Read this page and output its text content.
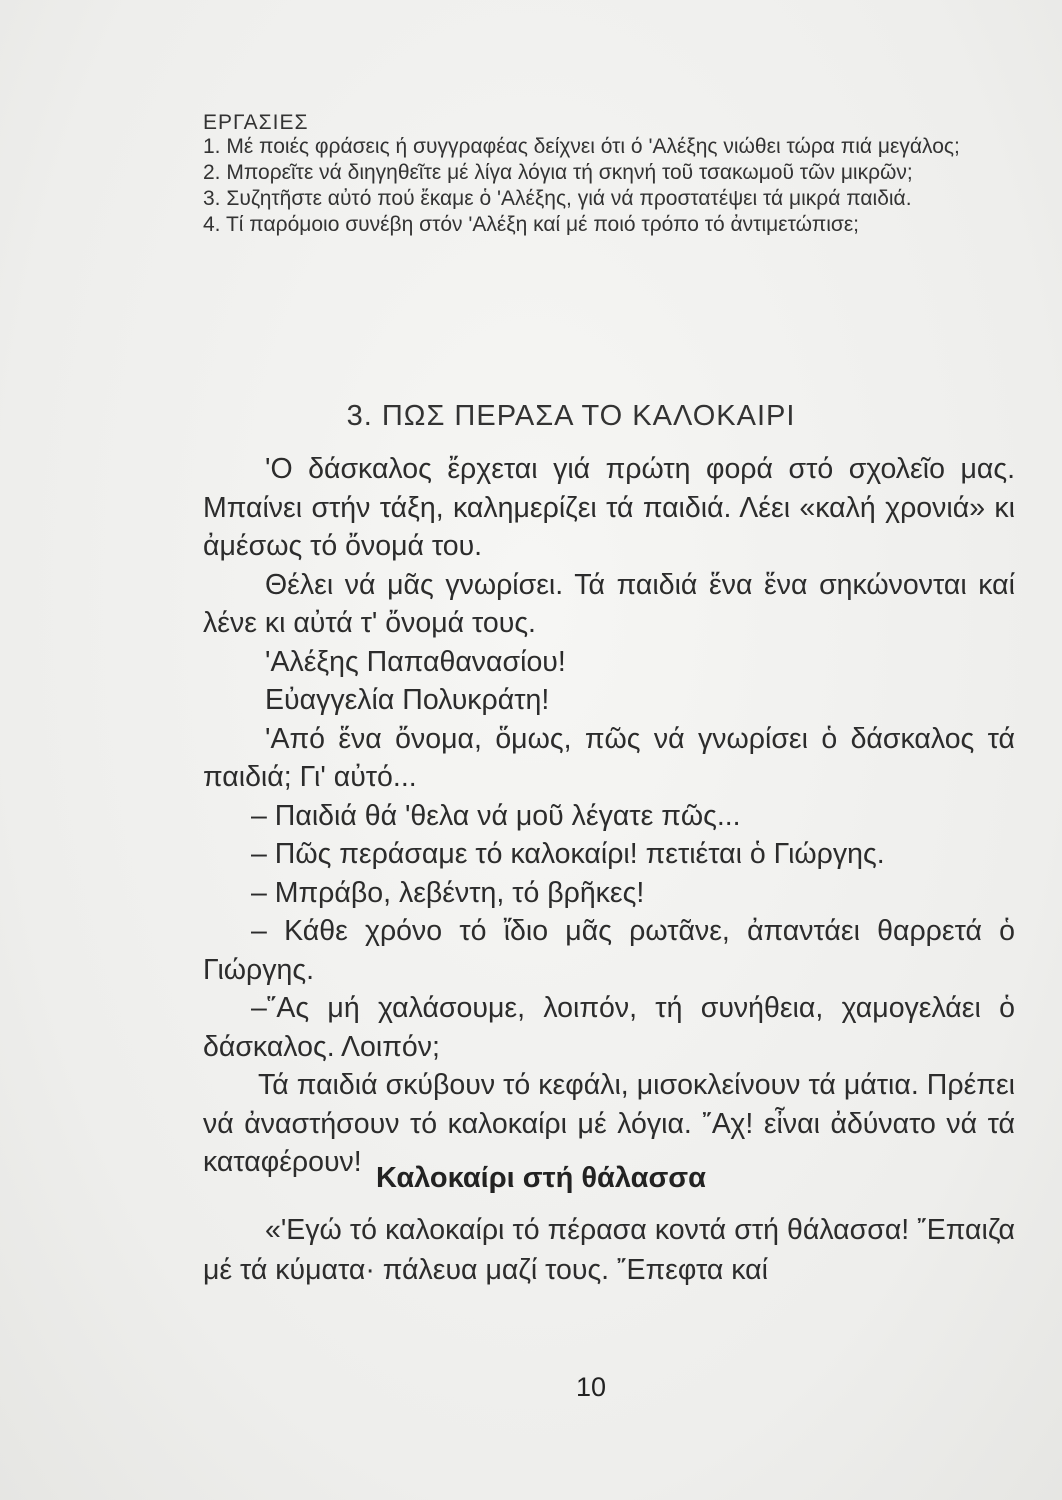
ΕΡΓΑΣΙΕΣ

1. Μέ ποιές φράσεις ή συγγραφέας δείχνει ότι ό 'Αλέξης νιώθει τώρα πιά μεγάλος;

2. Μπορεῖτε νά διηγηθεῖτε μέ λίγα λόγια τή σκηνή τοῦ τσακωμοῦ τῶν μικρῶν;

3. Συζητῆστε αὐτό πού ἔκαμε ὁ 'Αλέξης, γιά νά προστατέψει τά μικρά παιδιά.

4. Τί παρόμοιο συνέβη στόν 'Αλέξη καί μέ ποιό τρόπο τό ἀντιμετώπισε;

3. ΠΩΣ ΠΕΡΑΣΑ ΤΟ ΚΑΛΟΚΑΙΡΙ

'Ο δάσκαλος ἔρχεται γιά πρώτη φορά στό σχολεῖο μας. Μπαίνει στήν τάξη, καλημερίζει τά παιδιά. Λέει «καλή χρονιά» κι ἀμέσως τό ὄνομά του.

Θέλει νά μᾶς γνωρίσει. Τά παιδιά ἕνα ἕνα σηκώνονται καί λένε κι αὐτά τ' ὄνομά τους.

'Αλέξης Παπαθανασίου!

Εὐαγγελία Πολυκράτη!

'Από ἕνα ὄνομα, ὅμως, πῶς νά γνωρίσει ὁ δάσκαλος τά παιδιά; Γι' αὐτό...

– Παιδιά θά 'θελα νά μοῦ λέγατε πῶς...

– Πῶς περάσαμε τό καλοκαίρι! πετιέται ὁ Γιώργης.

– Μπράβο, λεβέντη, τό βρῆκες!

– Κάθε χρόνο τό ἴδιο μᾶς ρωτᾶνε, ἀπαντάει θαρρετά ὁ Γιώργης.

–῞Ας μή χαλάσουμε, λοιπόν, τή συνήθεια, χαμογελάει ὁ δάσκαλος. Λοιπόν;

Τά παιδιά σκύβουν τό κεφάλι, μισοκλείνουν τά μάτια. Πρέπει νά ἀναστήσουν τό καλοκαίρι μέ λόγια. ῎Αχ! εἶναι ἀδύνατο νά τά καταφέρουν! Καλοκαίρι στή θάλασσα

«'Εγώ τό καλοκαίρι τό πέρασα κοντά στή θάλασσα! ῎Επαιζα μέ τά κύματα· πάλευα μαζί τους. ῎Επεφτα καί

10
